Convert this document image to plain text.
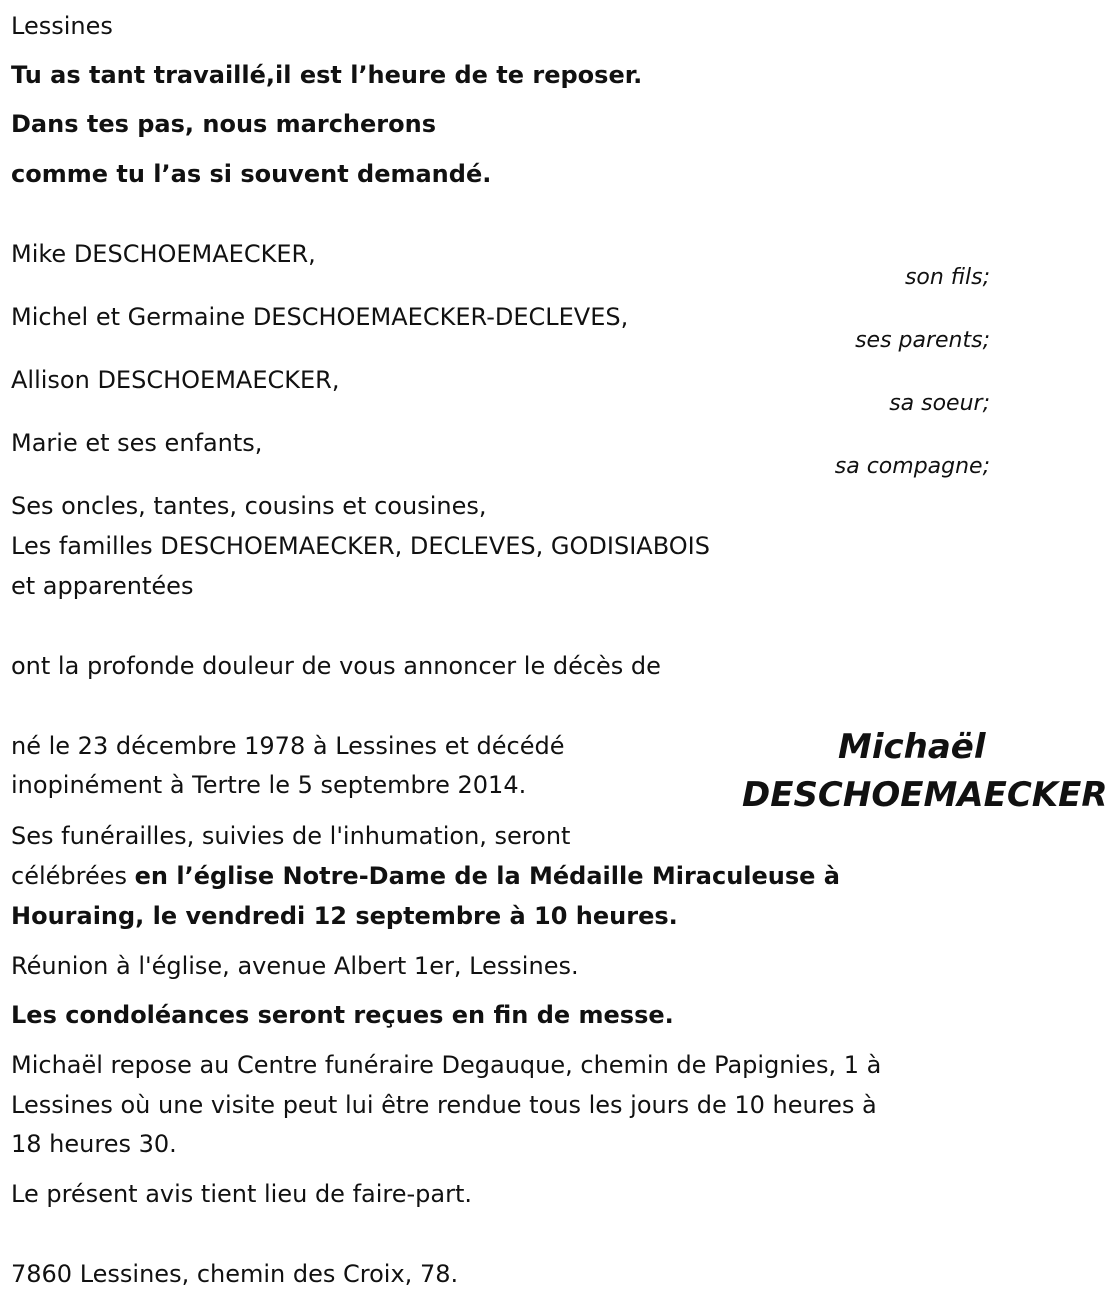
Lessines
Tu as tant travaillé,il est l’heure de te reposer.
Dans tes pas, nous marcherons
comme tu l’as si souvent demandé.
Mike DESCHOEMAECKER,
son fils;
Michel et Germaine DESCHOEMAECKER-DECLEVES,
ses parents;
Allison DESCHOEMAECKER,
sa soeur;
Marie et ses enfants,
sa compagne;
Ses oncles, tantes, cousins et cousines,
Les familles DESCHOEMAECKER, DECLEVES, GODISIABOIS
et apparentées
ont la profonde douleur de vous annoncer le décès de
Michaël
DESCHOEMAECKER
né le 23 décembre 1978 à Lessines et décédé
inopinément à Tertre le 5 septembre 2014.
Ses funérailles, suivies de l'inhumation, seront
célébrées en l’église Notre-Dame de la Médaille Miraculeuse à
Houraing, le vendredi 12 septembre à 10 heures.
Réunion à l'église, avenue Albert 1er, Lessines.
Les condoléances seront reçues en fin de messe.
Michaël repose au Centre funéraire Degauque, chemin de Papignies, 1 à
Lessines où une visite peut lui être rendue tous les jours de 10 heures à
18 heures 30.
Le présent avis tient lieu de faire-part.
7860 Lessines, chemin des Croix, 78.
